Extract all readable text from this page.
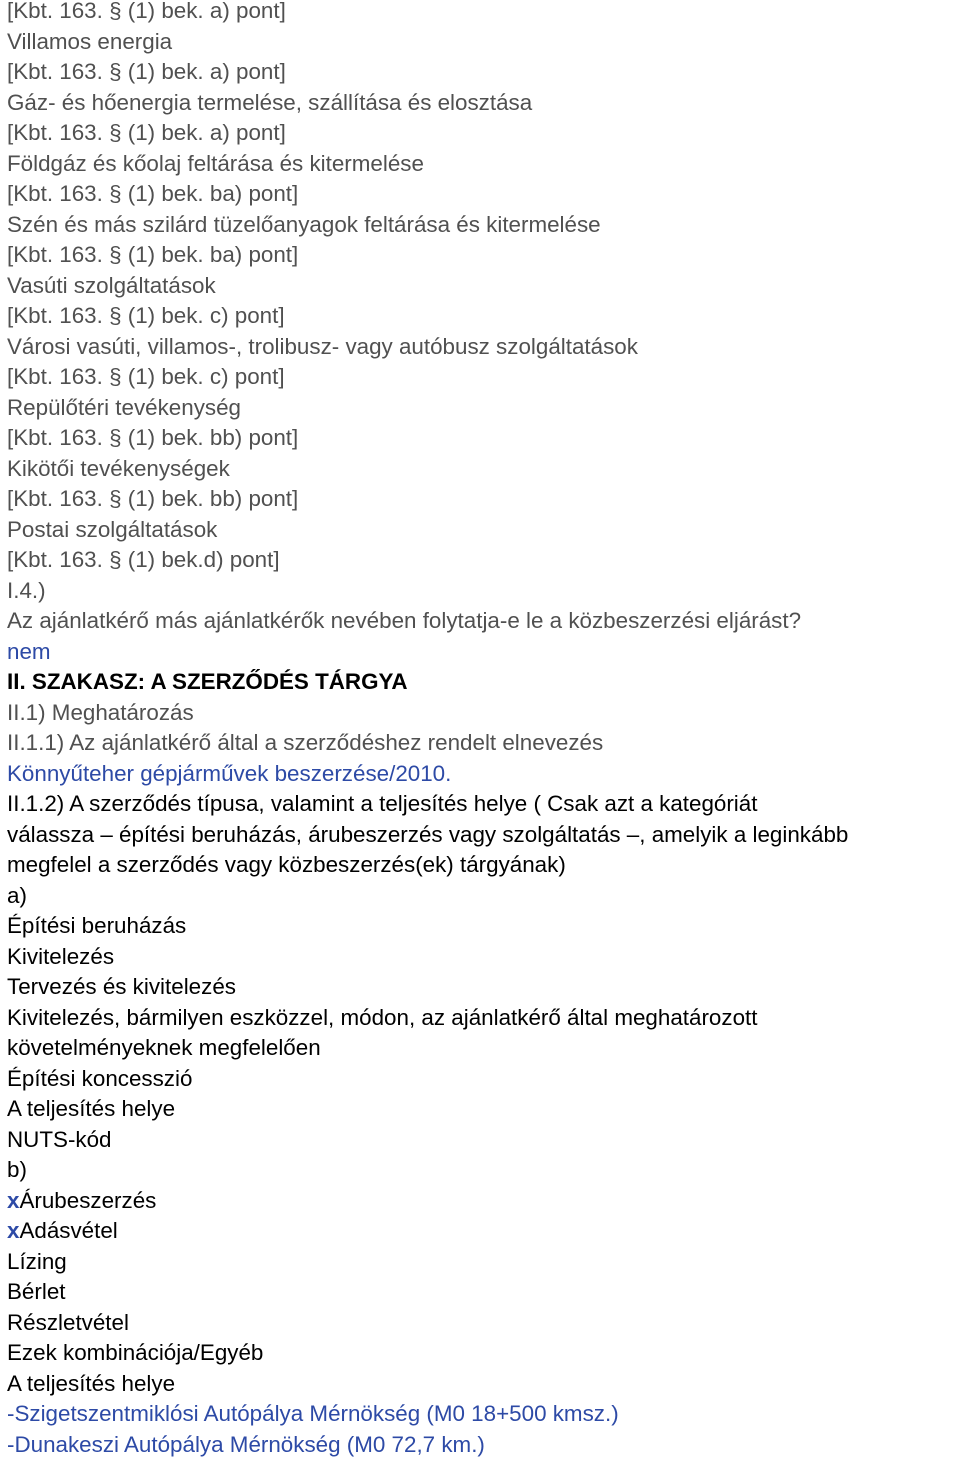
[Kbt. 163. § (1) bek. a) pont]
Villamos energia
[Kbt. 163. § (1) bek. a) pont]
Gáz- és hőenergia termelése, szállítása és elosztása
[Kbt. 163. § (1) bek. a) pont]
Földgáz és kőolaj feltárása és kitermelése
[Kbt. 163. § (1) bek. ba) pont]
Szén és más szilárd tüzelőanyagok feltárása és kitermelése
[Kbt. 163. § (1) bek. ba) pont]
Vasúti szolgáltatások
[Kbt. 163. § (1) bek. c) pont]
Városi vasúti, villamos-, trolibusz- vagy autóbusz szolgáltatások
[Kbt. 163. § (1) bek. c) pont]
Repülőtéri tevékenység
[Kbt. 163. § (1) bek. bb) pont]
Kikötői tevékenységek
[Kbt. 163. § (1) bek. bb) pont]
Postai szolgáltatások
[Kbt. 163. § (1) bek.d) pont]
I.4.)
Az ajánlatkérő más ajánlatkérők nevében folytatja-e le a közbeszerzési eljárást?
nem
II. SZAKASZ: A SZERZŐDÉS TÁRGYA
II.1) Meghatározás
II.1.1) Az ajánlatkérő által a szerződéshez rendelt elnevezés
Könnyűteher gépjárművek beszerzése/2010.
II.1.2) A szerződés típusa, valamint a teljesítés helye ( Csak azt a kategóriát
válassza – építési beruházás, árubeszerzés vagy szolgáltatás –, amelyik a leginkább
megfelel a szerződés vagy közbeszerzés(ek) tárgyának)
a)
Építési beruházás
Kivitelezés
Tervezés és kivitelezés
Kivitelezés, bármilyen eszközzel, módon, az ajánlatkérő által meghatározott
követelményeknek megfelelően
Építési koncesszió
A teljesítés helye
NUTS-kód
b)
xÁrubeszerzés
xAdásvétel
Lízing
Bérlet
Részletvétel
Ezek kombinációja/Egyéb
A teljesítés helye
-Szigetszentmiklósi Autópálya Mérnökség (M0 18+500 kmsz.)
-Dunakeszi Autópálya Mérnökség (M0 72,7 km.)
